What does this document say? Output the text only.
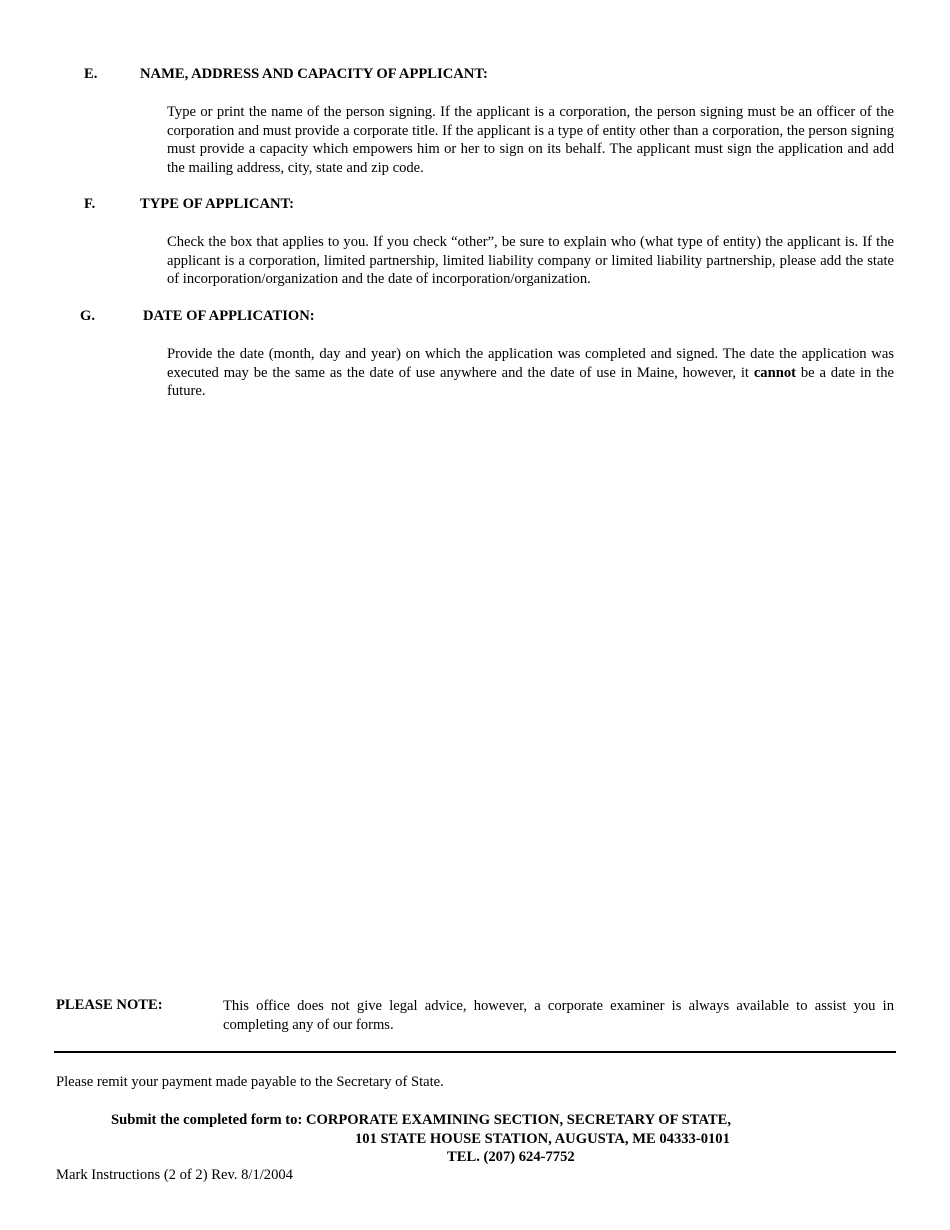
E.	NAME, ADDRESS AND CAPACITY OF APPLICANT:
Type or print the name of the person signing. If the applicant is a corporation, the person signing must be an officer of the corporation and must provide a corporate title. If the applicant is a type of entity other than a corporation, the person signing must provide a capacity which empowers him or her to sign on its behalf. The applicant must sign the application and add the mailing address, city, state and zip code.
F.	TYPE OF APPLICANT:
Check the box that applies to you. If you check “other”, be sure to explain who (what type of entity) the applicant is. If the applicant is a corporation, limited partnership, limited liability company or limited liability partnership, please add the state of incorporation/organization and the date of incorporation/organization.
G.	DATE OF APPLICATION:
Provide the date (month, day and year) on which the application was completed and signed. The date the application was executed may be the same as the date of use anywhere and the date of use in Maine, however, it cannot be a date in the future.
PLEASE NOTE:	This office does not give legal advice, however, a corporate examiner is always available to assist you in completing any of our forms.
Please remit your payment made payable to the Secretary of State.
Submit the completed form to: CORPORATE EXAMINING SECTION, SECRETARY OF STATE,
101 STATE HOUSE STATION, AUGUSTA, ME 04333-0101
TEL. (207) 624-7752
Mark Instructions (2 of 2) Rev. 8/1/2004
